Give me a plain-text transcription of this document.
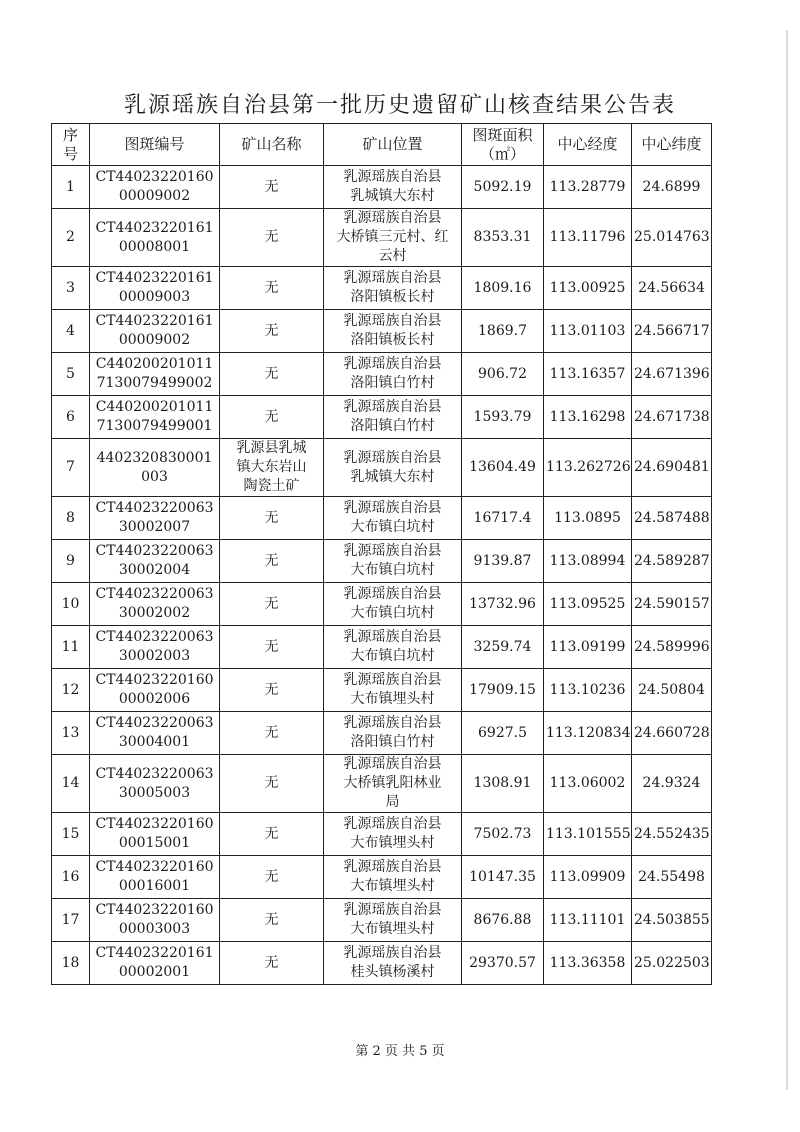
乳源瑶族自治县第一批历史遗留矿山核查结果公告表
序
号	图斑编号	矿山名称	矿山位置	图斑面积
（㎡）	中心经度	中心纬度
1	CT44023220160
00009002	无	乳源瑶族自治县
乳城镇大东村	5092.19	113.28779	24.6899
2	CT44023220161
00008001	无	乳源瑶族自治县
大桥镇三元村、红
云村	8353.31	113.11796	25.014763
3	CT44023220161
00009003	无	乳源瑶族自治县
洛阳镇板长村	1809.16	113.00925	24.56634
4	CT44023220161
00009002	无	乳源瑶族自治县
洛阳镇板长村	1869.7	113.01103	24.566717
5	C440200201011
7130079499002	无	乳源瑶族自治县
洛阳镇白竹村	906.72	113.16357	24.671396
6	C440200201011
7130079499001	无	乳源瑶族自治县
洛阳镇白竹村	1593.79	113.16298	24.671738
7	4402320830001
003	乳源县乳城
镇大东岩山
陶瓷土矿	乳源瑶族自治县
乳城镇大东村	13604.49	113.262726	24.690481
8	CT44023220063
30002007	无	乳源瑶族自治县
大布镇白坑村	16717.4	113.0895	24.587488
9	CT44023220063
30002004	无	乳源瑶族自治县
大布镇白坑村	9139.87	113.08994	24.589287
10	CT44023220063
30002002	无	乳源瑶族自治县
大布镇白坑村	13732.96	113.09525	24.590157
11	CT44023220063
30002003	无	乳源瑶族自治县
大布镇白坑村	3259.74	113.09199	24.589996
12	CT44023220160
00002006	无	乳源瑶族自治县
大布镇埋头村	17909.15	113.10236	24.50804
13	CT44023220063
30004001	无	乳源瑶族自治县
洛阳镇白竹村	6927.5	113.120834	24.660728
14	CT44023220063
30005003	无	乳源瑶族自治县
大桥镇乳阳林业
局	1308.91	113.06002	24.9324
15	CT44023220160
00015001	无	乳源瑶族自治县
大布镇埋头村	7502.73	113.101555	24.552435
16	CT44023220160
00016001	无	乳源瑶族自治县
大布镇埋头村	10147.35	113.09909	24.55498
17	CT44023220160
00003003	无	乳源瑶族自治县
大布镇埋头村	8676.88	113.11101	24.503855
18	CT44023220161
00002001	无	乳源瑶族自治县
桂头镇杨溪村	29370.57	113.36358	25.022503
第 2 页 共 5 页
